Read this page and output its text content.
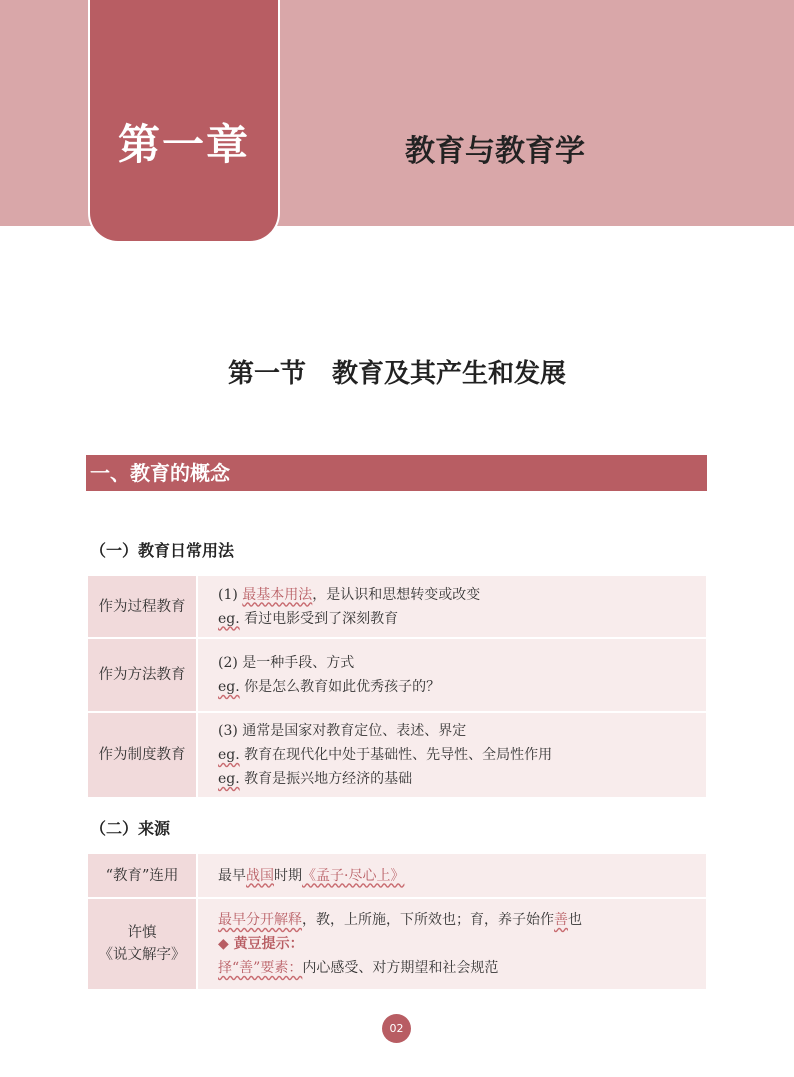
第一章	教育与教育学
第一节　教育及其产生和发展
一、教育的概念
（一）教育日常用法
作为过程教育	(1) 最基本用法，是认识和思想转变或改变
eg. 看过电影受到了深刻教育

作为方法教育	(2) 是一种手段、方式
eg. 你是怎么教育如此优秀孩子的？

作为制度教育	(3) 通常是国家对教育定位、表述、界定
eg. 教育在现代化中处于基础性、先导性、全局性作用
eg. 教育是振兴地方经济的基础
（二）来源
“教育”连用	最早战国时期《孟子·尽心上》

许慎
《说文解字》	最早分开解释，教，上所施，下所效也；育，养子始作善也
◆ 黄豆提示：
择“善”要素：内心感受、对方期望和社会规范
02
